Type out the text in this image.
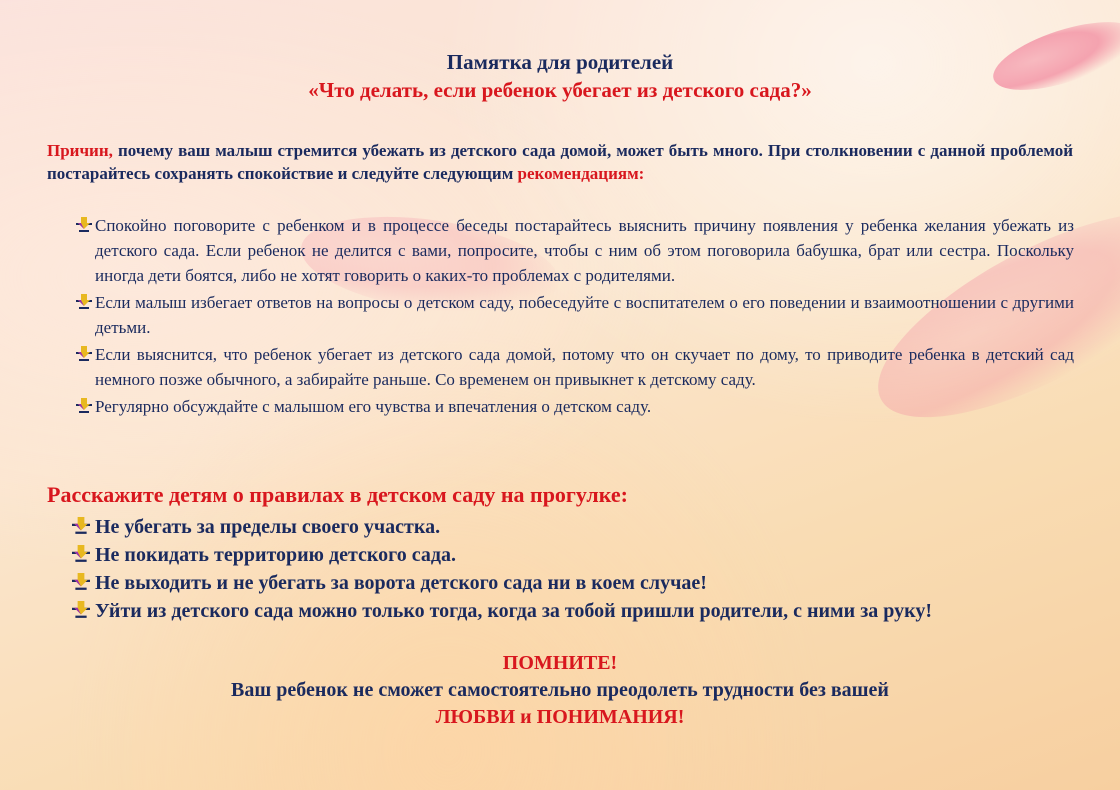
Памятка для родителей
«Что делать, если ребенок убегает из детского сада?»
Причин, почему ваш малыш стремится убежать из детского сада домой, может быть много. При столкновении с данной проблемой постарайтесь сохранять спокойствие и следуйте следующим рекомендациям:
Спокойно поговорите с ребенком и в процессе беседы постарайтесь выяснить причину появления у ребенка желания убежать из детского сада. Если ребенок не делится с вами, попросите, чтобы с ним об этом поговорила бабушка, брат или сестра. Поскольку иногда дети боятся, либо не хотят говорить о каких-то проблемах с родителями.
Если малыш избегает ответов на вопросы о детском саду, побеседуйте с воспитателем о его поведении и взаимоотношении с другими детьми.
Если выяснится, что ребенок убегает из детского сада домой, потому что он скучает по дому, то приводите ребенка в детский сад немного позже обычного, а забирайте раньше. Со временем он привыкнет к детскому саду.
Регулярно обсуждайте с малышом его чувства и впечатления о детском саду.
Расскажите детям о правилах в детском саду на прогулке:
Не убегать за пределы своего участка.
Не покидать территорию детского сада.
Не выходить и не убегать за ворота детского сада ни в коем случае!
Уйти из детского сада можно только тогда, когда за тобой пришли родители, с ними за руку!
ПОМНИТЕ!
Ваш ребенок не сможет самостоятельно преодолеть трудности без вашей
ЛЮБВИ и ПОНИМАНИЯ!
